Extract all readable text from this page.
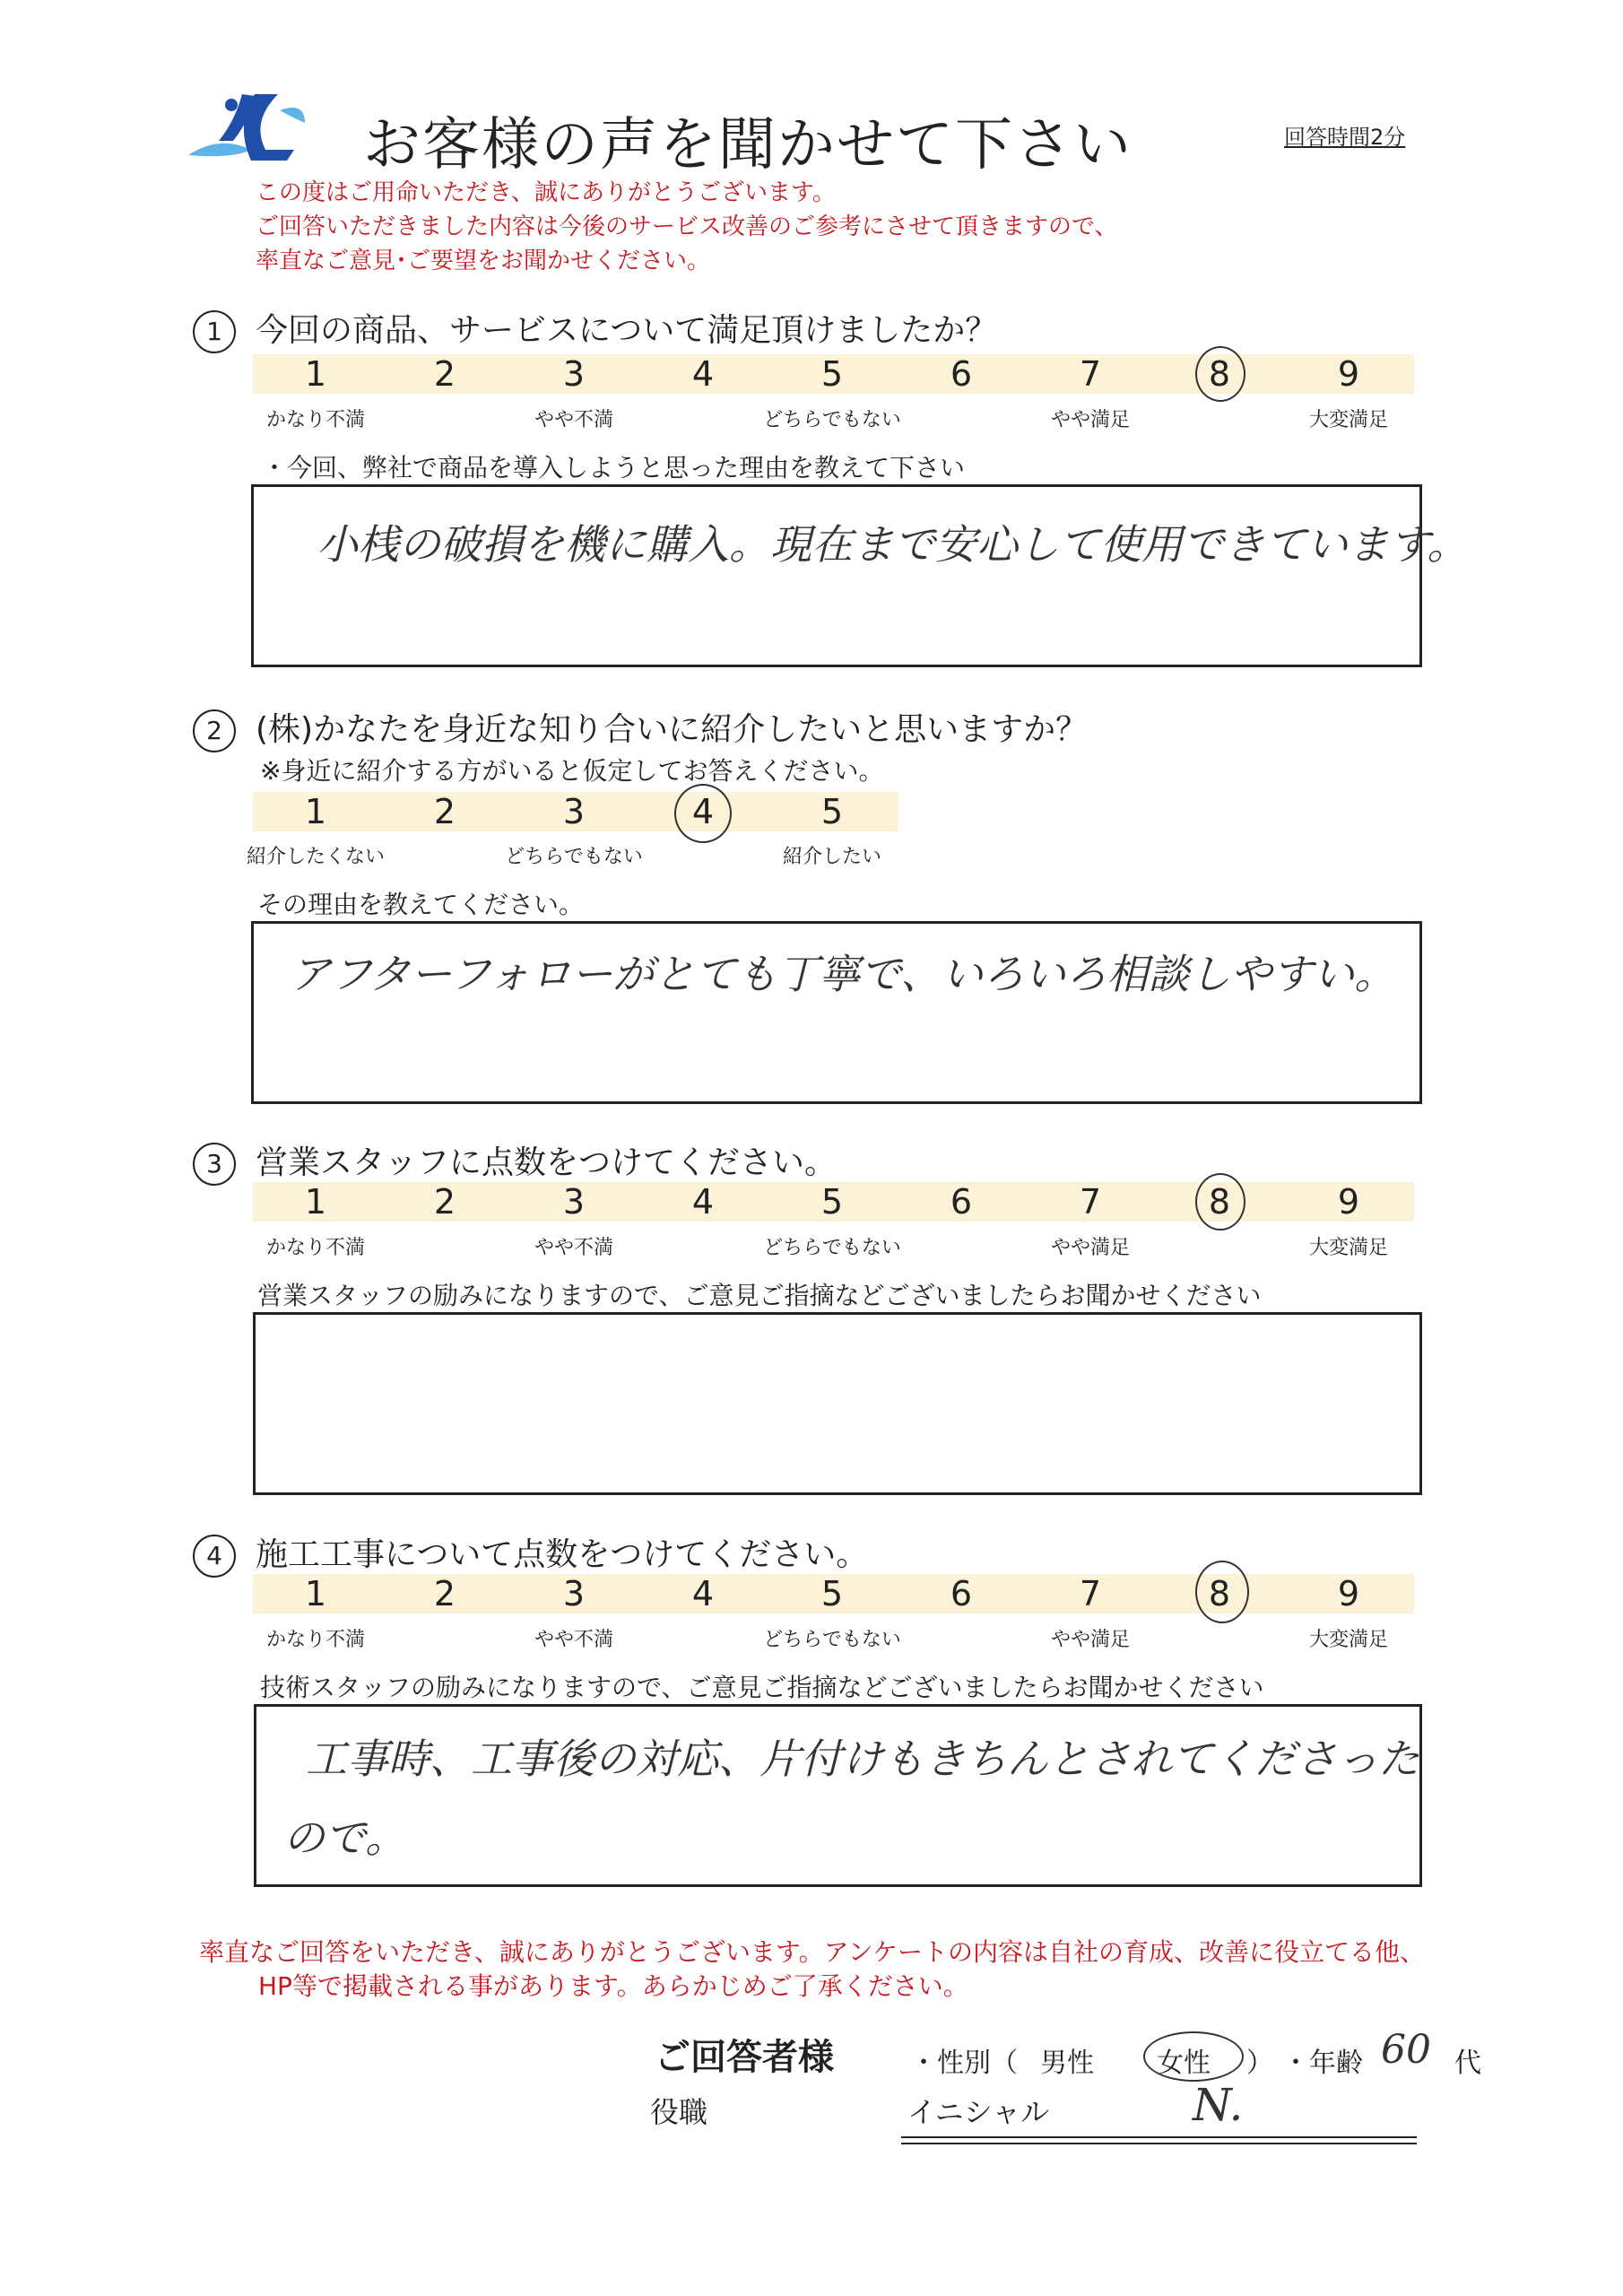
お客様の声を聞かせて下さい	回答時間2分
この度はご用命いただき、誠にありがとうございます。
ご回答いただきました内容は今後のサービス改善のご参考にさせて頂きますので、
率直なご意見･ご要望をお聞かせください。
1 今回の商品、サービスについて満足頂けましたか？
1	2	3	4	5	6	7	8	9
かなり不満	やや不満	どちらでもない	やや満足	大変満足
・今回、弊社で商品を導入しようと思った理由を教えて下さい
小桟の破損を機に購入。現在まで安心して使用できています。
2 (株)かなたを身近な知り合いに紹介したいと思いますか？
※身近に紹介する方がいると仮定してお答えください。
1	2	3	4	5
紹介したくない	どちらでもない	紹介したい
その理由を教えてください。
アフターフォローがとても丁寧で、いろいろ相談しやすい。
3 営業スタッフに点数をつけてください。
1	2	3	4	5	6	7	8	9
かなり不満	やや不満	どちらでもない	やや満足	大変満足
営業スタッフの励みになりますので、ご意見ご指摘などございましたらお聞かせください
4 施工工事について点数をつけてください。
1	2	3	4	5	6	7	8	9
かなり不満	やや不満	どちらでもない	やや満足	大変満足
技術スタッフの励みになりますので、ご意見ご指摘などございましたらお聞かせください
工事時、工事後の対応、片付けもきちんとされてくださった
ので。
率直なご回答をいただき、誠にありがとうございます。アンケートの内容は自社の育成、改善に役立てる他、
HP等で掲載される事があります。あらかじめご了承ください。
ご回答者様	・性別（ 男性 女性 ） ・年齢 60 代
役職	イニシャル	N.
